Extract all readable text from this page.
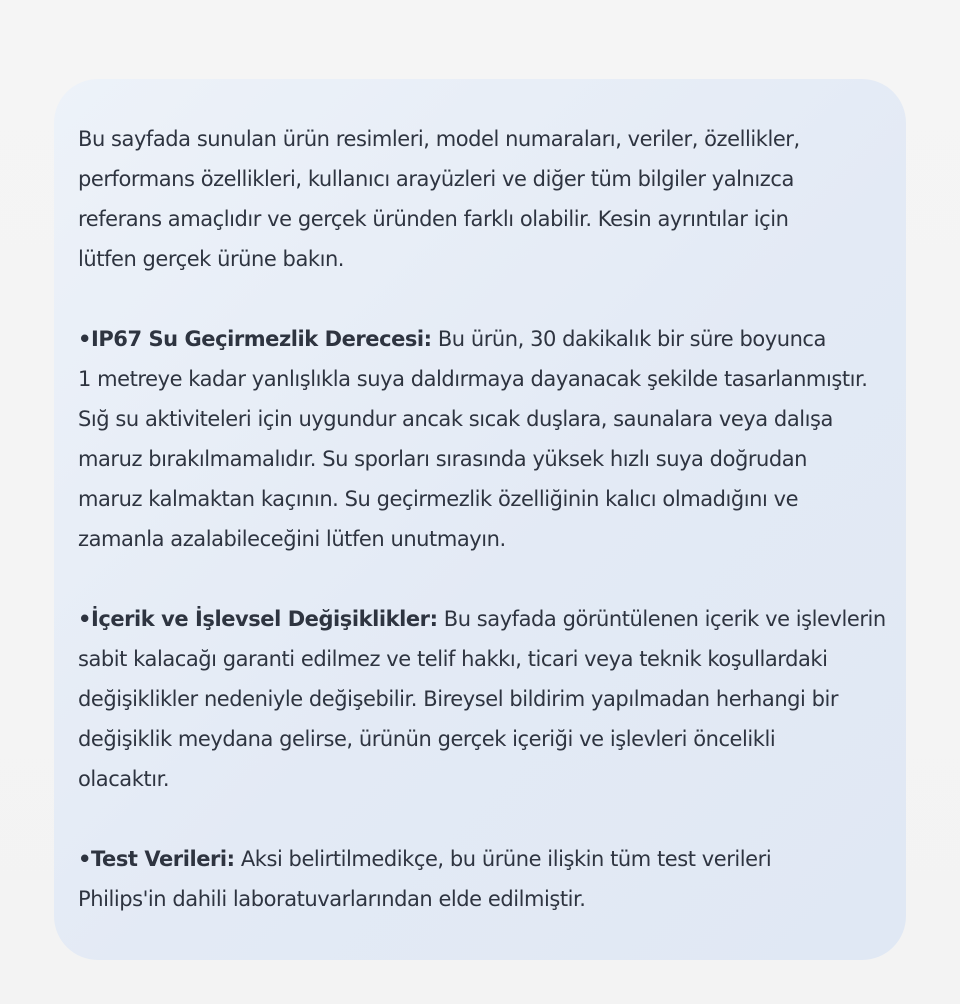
Bu sayfada sunulan ürün resimleri, model numaraları, veriler, özellikler,
performans özellikleri, kullanıcı arayüzleri ve diğer tüm bilgiler yalnızca
referans amaçlıdır ve gerçek üründen farklı olabilir. Kesin ayrıntılar için
lütfen gerçek ürüne bakın.

•IP67 Su Geçirmezlik Derecesi: Bu ürün, 30 dakikalık bir süre boyunca
1 metreye kadar yanlışlıkla suya daldırmaya dayanacak şekilde tasarlanmıştır.
Sığ su aktiviteleri için uygundur ancak sıcak duşlara, saunalara veya dalışa
maruz bırakılmamalıdır. Su sporları sırasında yüksek hızlı suya doğrudan
maruz kalmaktan kaçının. Su geçirmezlik özelliğinin kalıcı olmadığını ve
zamanla azalabileceğini lütfen unutmayın.

•İçerik ve İşlevsel Değişiklikler: Bu sayfada görüntülenen içerik ve işlevlerin
sabit kalacağı garanti edilmez ve telif hakkı, ticari veya teknik koşullardaki
değişiklikler nedeniyle değişebilir. Bireysel bildirim yapılmadan herhangi bir
değişiklik meydana gelirse, ürünün gerçek içeriği ve işlevleri öncelikli
olacaktır.

•Test Verileri: Aksi belirtilmedikçe, bu ürüne ilişkin tüm test verileri
Philips'in dahili laboratuvarlarından elde edilmiştir.
